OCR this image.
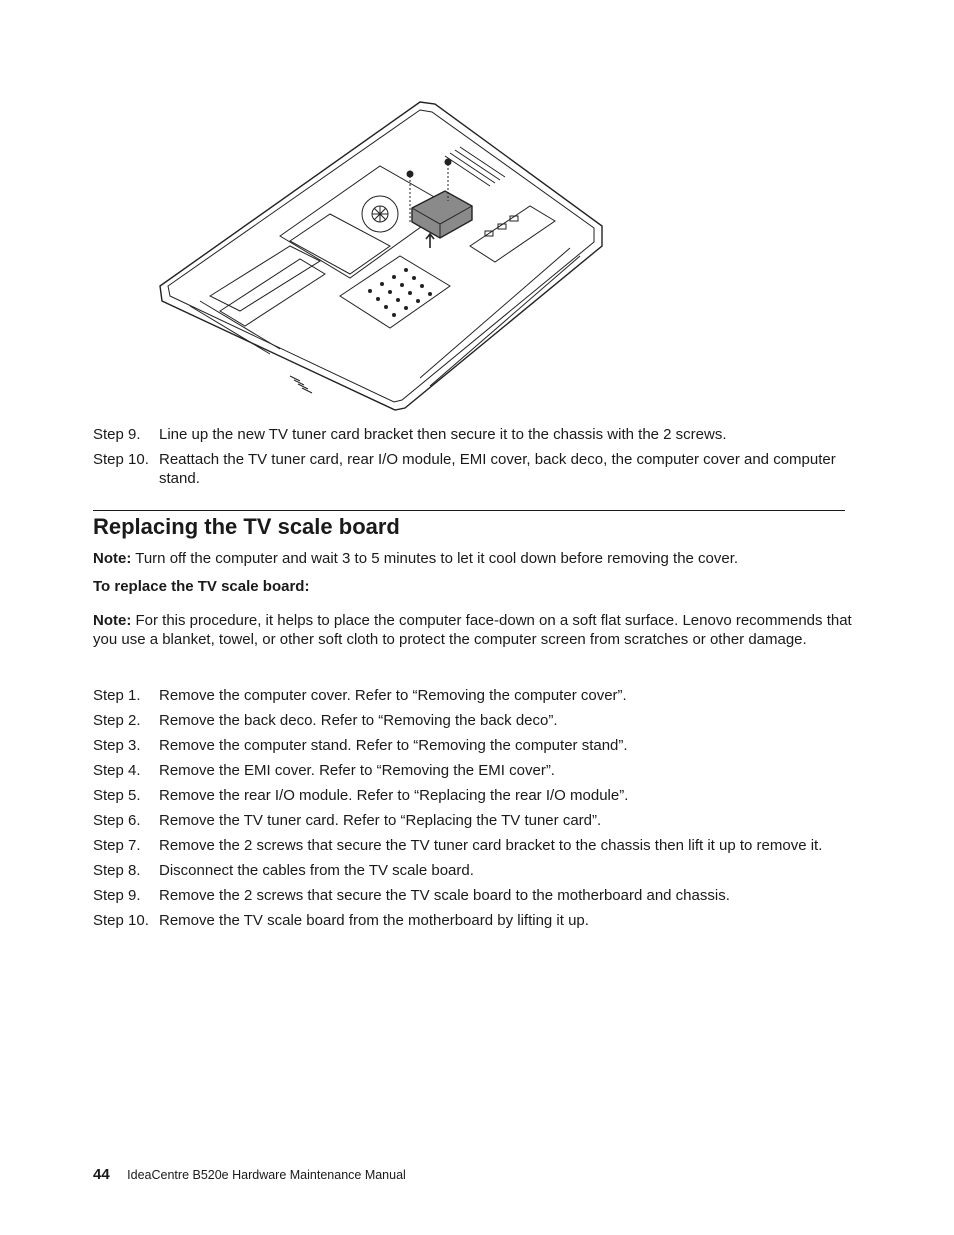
Step 9.	Line up the new TV tuner card bracket then secure it to the chassis with the 2 screws.
Step 10. Reattach the TV tuner card, rear I/O module, EMI cover, back deco, the computer cover and computer stand.
Replacing the TV scale board
Note: Turn off the computer and wait 3 to 5 minutes to let it cool down before removing the cover.
To replace the TV scale board:
Note: For this procedure, it helps to place the computer face-down on a soft flat surface. Lenovo recommends that you use a blanket, towel, or other soft cloth to protect the computer screen from scratches or other damage.
Step 1.	Remove the computer cover. Refer to “Removing the computer cover”.
Step 2.	Remove the back deco. Refer to “Removing the back deco”.
Step 3.	Remove the computer stand. Refer to “Removing the computer stand”.
Step 4.	Remove the EMI cover. Refer to “Removing the EMI cover”.
Step 5.	Remove the rear I/O module. Refer to “Replacing the rear I/O module”.
Step 6.	Remove the TV tuner card. Refer to “Replacing the TV tuner card”.
Step 7.	Remove the 2 screws that secure the TV tuner card bracket to the chassis then lift it up to remove it.
Step 8.	Disconnect the cables from the TV scale board.
Step 9.	Remove the 2 screws that secure the TV scale board to the motherboard and chassis.
Step 10. Remove the TV scale board from the motherboard by lifting it up.
44 IdeaCentre B520e Hardware Maintenance Manual
